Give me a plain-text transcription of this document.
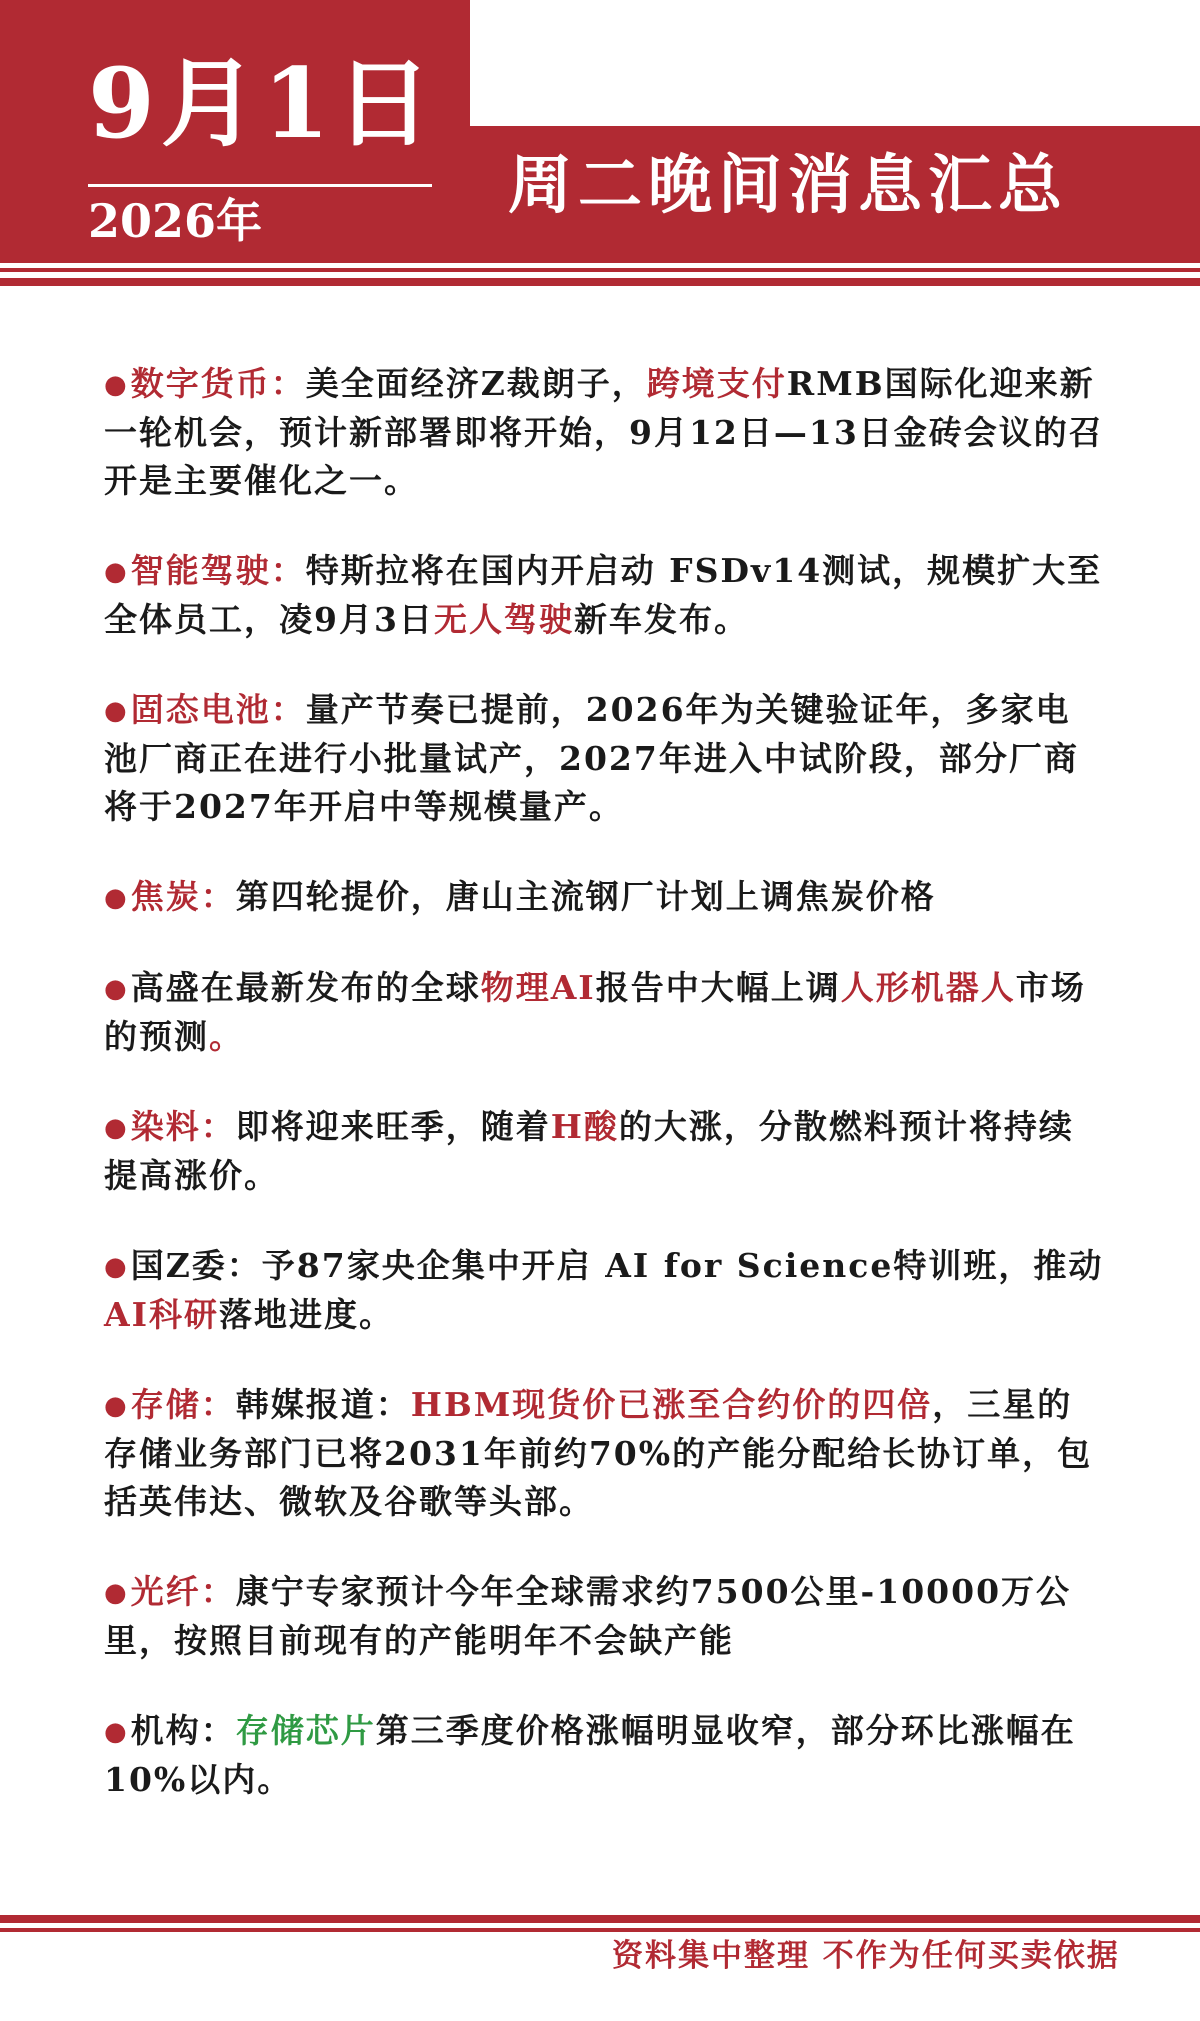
9月1日
2026年	周二晚间消息汇总

●数字货币：美全面经济Z裁朗子，跨境支付RMB国际化迎来新一轮机会，预计新部署即将开始，9月12日—13日金砖会议的召开是主要催化之一。

●智能驾驶：特斯拉将在国内开启动 FSDv14测试，规模扩大至全体员工，凌9月3日无人驾驶新车发布。

●固态电池：量产节奏已提前，2026年为关键验证年，多家电池厂商正在进行小批量试产，2027年进入中试阶段，部分厂商将于2027年开启中等规模量产。

●焦炭：第四轮提价，唐山主流钢厂计划上调焦炭价格

●高盛在最新发布的全球物理AI报告中大幅上调人形机器人市场的预测。

●染料：即将迎来旺季，随着H酸的大涨，分散燃料预计将持续提高涨价。

●国Z委：予87家央企集中开启 AI for Science特训班，推动AI科研落地进度。

●存储：韩媒报道：HBM现货价已涨至合约价的四倍，三星的存储业务部门已将2031年前约70%的产能分配给长协订单，包括英伟达、微软及谷歌等头部。

●光纤：康宁专家预计今年全球需求约7500公里-10000万公里，按照目前现有的产能明年不会缺产能

●机构：存储芯片第三季度价格涨幅明显收窄，部分环比涨幅在10%以内。

资料集中整理 不作为任何买卖依据
